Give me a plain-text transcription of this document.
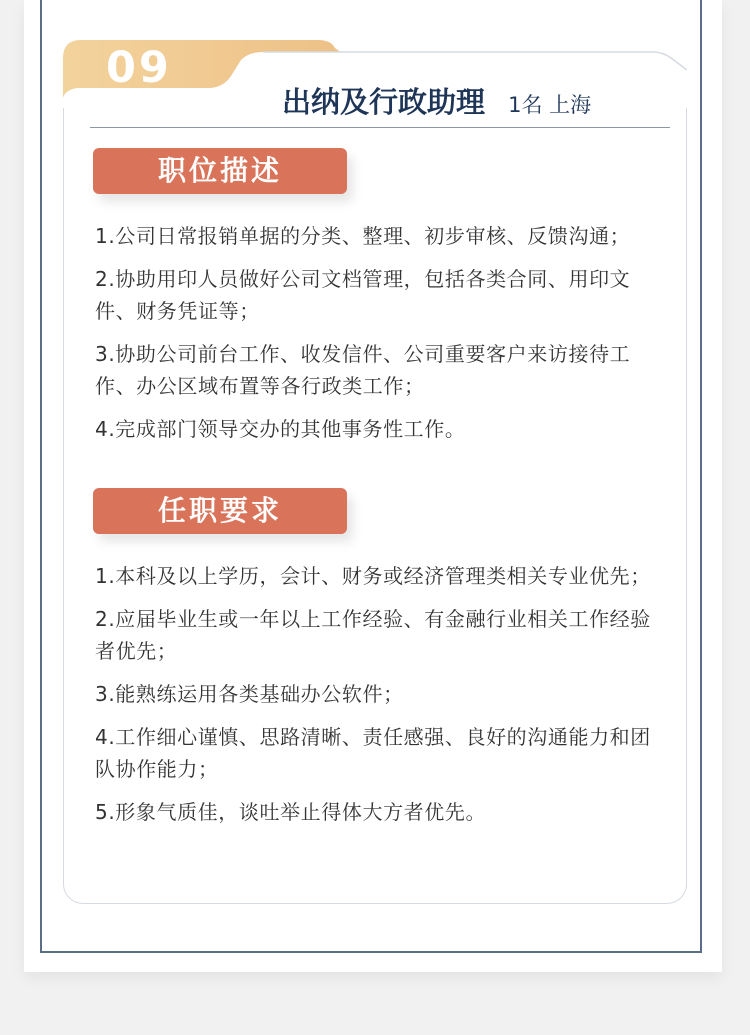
09
出纳及行政助理 1名 上海
职位描述
1.公司日常报销单据的分类、整理、初步审核、反馈沟通；
2.协助用印人员做好公司文档管理，包括各类合同、用印文件、财务凭证等；
3.协助公司前台工作、收发信件、公司重要客户来访接待工作、办公区域布置等各行政类工作；
4.完成部门领导交办的其他事务性工作。
任职要求
1.本科及以上学历，会计、财务或经济管理类相关专业优先；
2.应届毕业生或一年以上工作经验、有金融行业相关工作经验者优先；
3.能熟练运用各类基础办公软件；
4.工作细心谨慎、思路清晰、责任感强、良好的沟通能力和团队协作能力；
5.形象气质佳，谈吐举止得体大方者优先。
